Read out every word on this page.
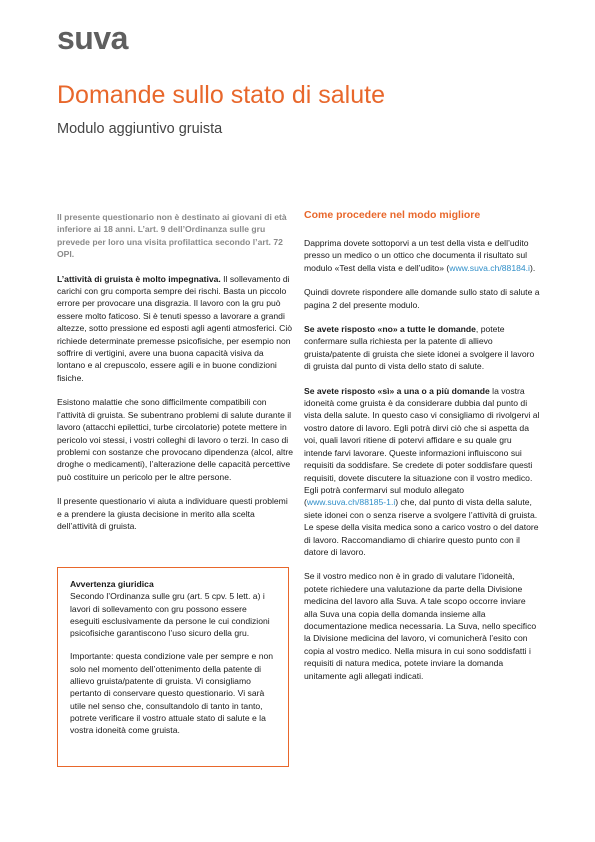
suva
Domande sullo stato di salute
Modulo aggiuntivo gruista

Il presente questionario non è destinato ai giovani di età inferiore ai 18 anni. L’art. 9 dell’Ordinanza sulle gru prevede per loro una visita profilattica secondo l’art. 72 OPI.

L’attività di gruista è molto impegnativa. Il sollevamento di carichi con gru comporta sempre dei rischi. Basta un piccolo errore per provocare una disgrazia. Il lavoro con la gru può essere molto faticoso. Si è tenuti spesso a lavorare a grandi altezze, sotto pressione ed esposti agli agenti atmosferici. Ciò richiede determinate premesse psicofisiche, per esempio non soffrire di vertigini, avere una buona capacità visiva da lontano e al crepuscolo, essere agili e in buone condizioni fisiche.

Esistono malattie che sono difficilmente compatibili con l’attività di gruista. Se subentrano problemi di salute durante il lavoro (attacchi epilettici, turbe circolatorie) potete mettere in pericolo voi stessi, i vostri colleghi di lavoro o terzi. In caso di problemi con sostanze che provocano dipendenza (alcol, altre droghe o medicamenti), l’alterazione delle capacità percettive può costituire un pericolo per le altre persone.

Il presente questionario vi aiuta a individuare questi problemi e a prendere la giusta decisione in merito alla scelta dell’attività di gruista.

Avvertenza giuridica

Secondo l’Ordinanza sulle gru (art. 5 cpv. 5 lett. a) i lavori di sollevamento con gru possono essere eseguiti esclusivamente da persone le cui condizioni psicofisiche garantiscono l’uso sicuro della gru.

Importante: questa condizione vale per sempre e non solo nel momento dell’ottenimento della patente di allievo gruista/patente di gruista. Vi consigliamo pertanto di conservare questo questionario. Vi sarà utile nel senso che, consultandolo di tanto in tanto, potrete verificare il vostro attuale stato di salute e la vostra idoneità come gruista.

Come procedere nel modo migliore

Dapprima dovete sottoporvi a un test della vista e dell’udito presso un medico o un ottico che documenta il risultato sul modulo «Test della vista e dell’udito» (www.suva.ch/88184.i).

Quindi dovrete rispondere alle domande sullo stato di salute a pagina 2 del presente modulo.

Se avete risposto «no» a tutte le domande, potete confermare sulla richiesta per la patente di allievo gruista/patente di gruista che siete idonei a svolgere il lavoro di gruista dal punto di vista dello stato di salute.

Se avete risposto «sì» a una o a più domande la vostra idoneità come gruista è da considerare dubbia dal punto di vista della salute. In questo caso vi consigliamo di rivolgervi al vostro datore di lavoro. Egli potrà dirvi ciò che si aspetta da voi, quali lavori ritiene di potervi affidare e su quale gru intende farvi lavorare. Queste informazioni influiscono sui requisiti da soddisfare. Se credete di poter soddisfare questi requisiti, dovete discutere la situazione con il vostro medico. Egli potrà confermarvi sul modulo allegato (www.suva.ch/88185-1.i) che, dal punto di vista della salute, siete idonei con o senza riserve a svolgere l’attività di gruista. Le spese della visita medica sono a carico vostro o del datore di lavoro. Raccomandiamo di chiarire questo punto con il datore di lavoro.

Se il vostro medico non è in grado di valutare l’idoneità, potete richiedere una valutazione da parte della Divisione medicina del lavoro alla Suva. A tale scopo occorre inviare alla Suva una copia della domanda insieme alla documentazione medica necessaria. La Suva, nello specifico la Divisione medicina del lavoro, vi comunicherà l’esito con copia al vostro medico. Nella misura in cui sono soddisfatti i requisiti di natura medica, potete inviare la domanda unitamente agli allegati indicati.
